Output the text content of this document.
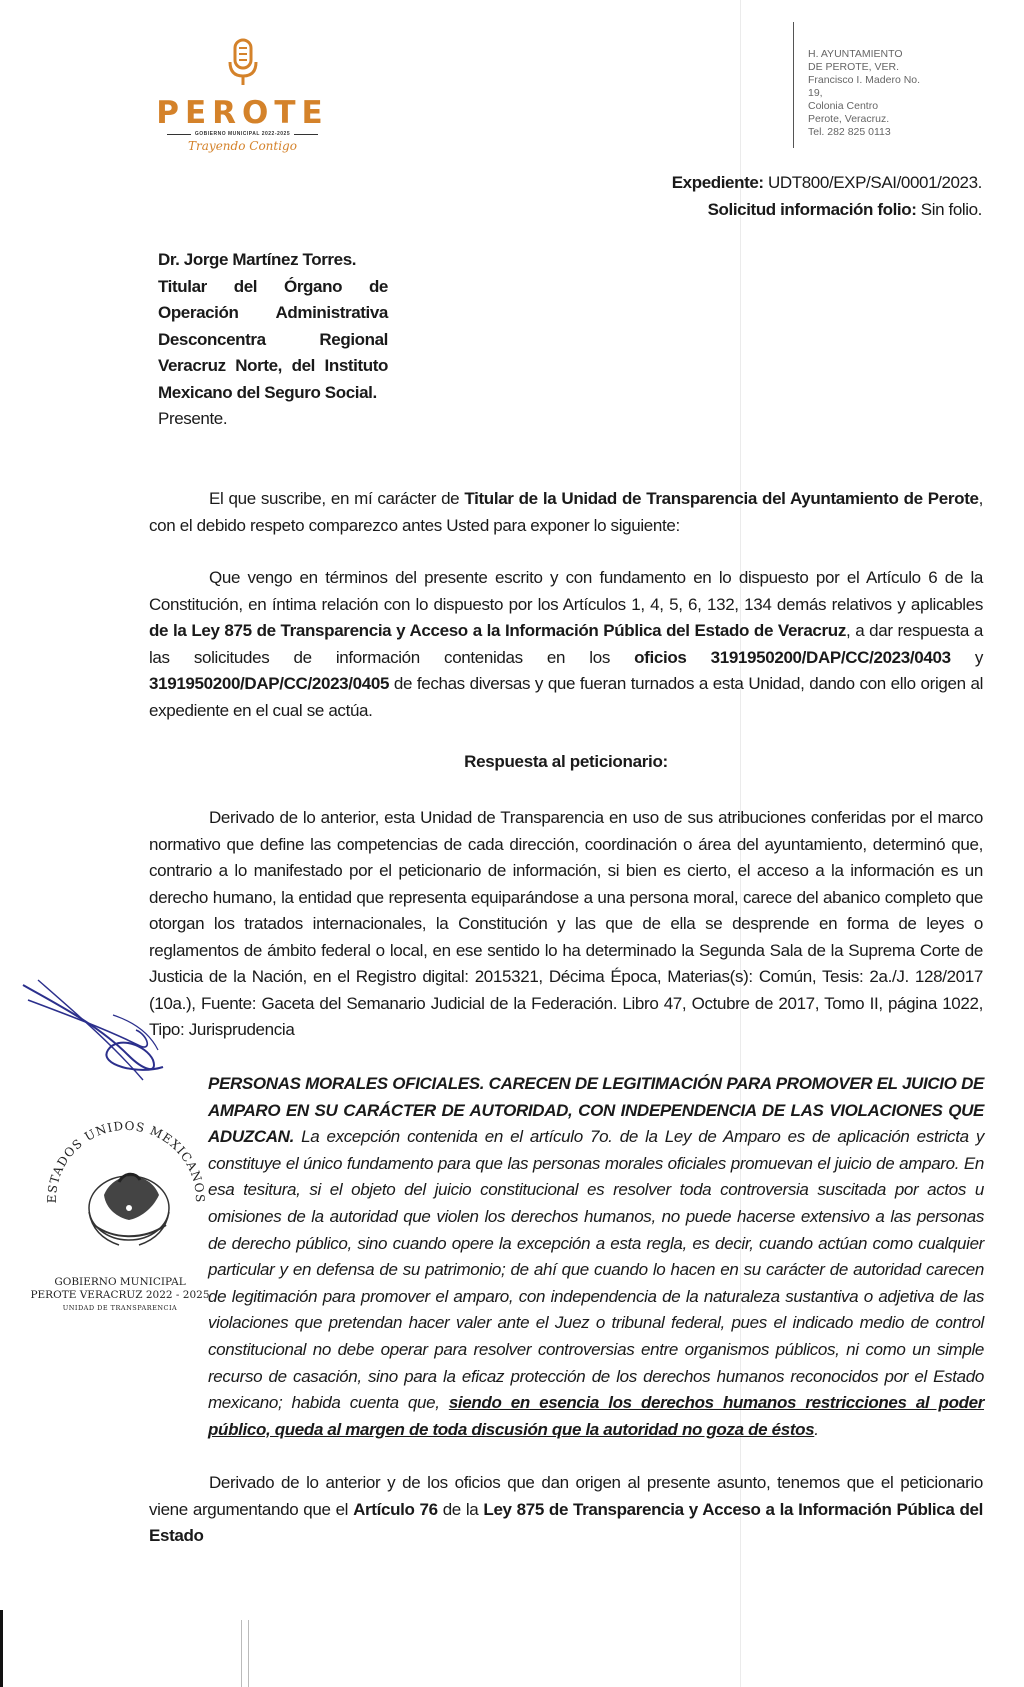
PEROTE
GOBIERNO MUNICIPAL 2022-2025
Trayendo Contigo
H. AYUNTAMIENTO
DE PEROTE, VER.
Francisco I. Madero No.
19,
Colonia Centro
Perote, Veracruz.
Tel. 282 825 0113
Expediente: UDT800/EXP/SAI/0001/2023.
Solicitud información folio: Sin folio.
Dr. Jorge Martínez Torres.
Titular del Órgano de
Operación Administrativa
Desconcentra Regional
Veracruz Norte, del Instituto
Mexicano del Seguro Social.
Presente.

El que suscribe, en mí carácter de Titular de la Unidad de Transparencia del Ayuntamiento de Perote, con el debido respeto comparezco antes Usted para exponer lo siguiente:

Que vengo en términos del presente escrito y con fundamento en lo dispuesto por el Artículo 6 de la Constitución, en íntima relación con lo dispuesto por los Artículos 1, 4, 5, 6, 132, 134 demás relativos y aplicables de la Ley 875 de Transparencia y Acceso a la Información Pública del Estado de Veracruz, a dar respuesta a las solicitudes de información contenidas en los oficios 3191950200/DAP/CC/2023/0403 y 3191950200/DAP/CC/2023/0405 de fechas diversas y que fueran turnados a esta Unidad, dando con ello origen al expediente en el cual se actúa.

Respuesta al peticionario:

Derivado de lo anterior, esta Unidad de Transparencia en uso de sus atribuciones conferidas por el marco normativo que define las competencias de cada dirección, coordinación o área del ayuntamiento, determinó que, contrario a lo manifestado por el peticionario de información, si bien es cierto, el acceso a la información es un derecho humano, la entidad que representa equiparándose a una persona moral, carece del abanico completo que otorgan los tratados internacionales, la Constitución y las que de ella se desprende en forma de leyes o reglamentos de ámbito federal o local, en ese sentido lo ha determinado la Segunda Sala de la Suprema Corte de Justicia de la Nación, en el Registro digital: 2015321, Décima Época, Materias(s): Común, Tesis: 2a./J. 128/2017 (10a.), Fuente: Gaceta del Semanario Judicial de la Federación. Libro 47, Octubre de 2017, Tomo II, página 1022, Tipo: Jurisprudencia

PERSONAS MORALES OFICIALES. CARECEN DE LEGITIMACIÓN PARA PROMOVER EL JUICIO DE AMPARO EN SU CARÁCTER DE AUTORIDAD, CON INDEPENDENCIA DE LAS VIOLACIONES QUE ADUZCAN. La excepción contenida en el artículo 7o. de la Ley de Amparo es de aplicación estricta y constituye el único fundamento para que las personas morales oficiales promuevan el juicio de amparo. En esa tesitura, si el objeto del juicio constitucional es resolver toda controversia suscitada por actos u omisiones de la autoridad que violen los derechos humanos, no puede hacerse extensivo a las personas de derecho público, sino cuando opere la excepción a esta regla, es decir, cuando actúan como cualquier particular y en defensa de su patrimonio; de ahí que cuando lo hacen en su carácter de autoridad carecen de legitimación para promover el amparo, con independencia de la naturaleza sustantiva o adjetiva de las violaciones que pretendan hacer valer ante el Juez o tribunal federal, pues el indicado medio de control constitucional no debe operar para resolver controversias entre organismos públicos, ni como un simple recurso de casación, sino para la eficaz protección de los derechos humanos reconocidos por el Estado mexicano; habida cuenta que, siendo en esencia los derechos humanos restricciones al poder público, queda al margen de toda discusión que la autoridad no goza de éstos.

Derivado de lo anterior y de los oficios que dan origen al presente asunto, tenemos que el peticionario viene argumentando que el Artículo 76 de la Ley 875 de Transparencia y Acceso a la Información Pública del Estado

ESTADOS UNIDOS MEXICANOS
GOBIERNO MUNICIPAL
PEROTE VERACRUZ 2022 - 2025
UNIDAD DE TRANSPARENCIA
